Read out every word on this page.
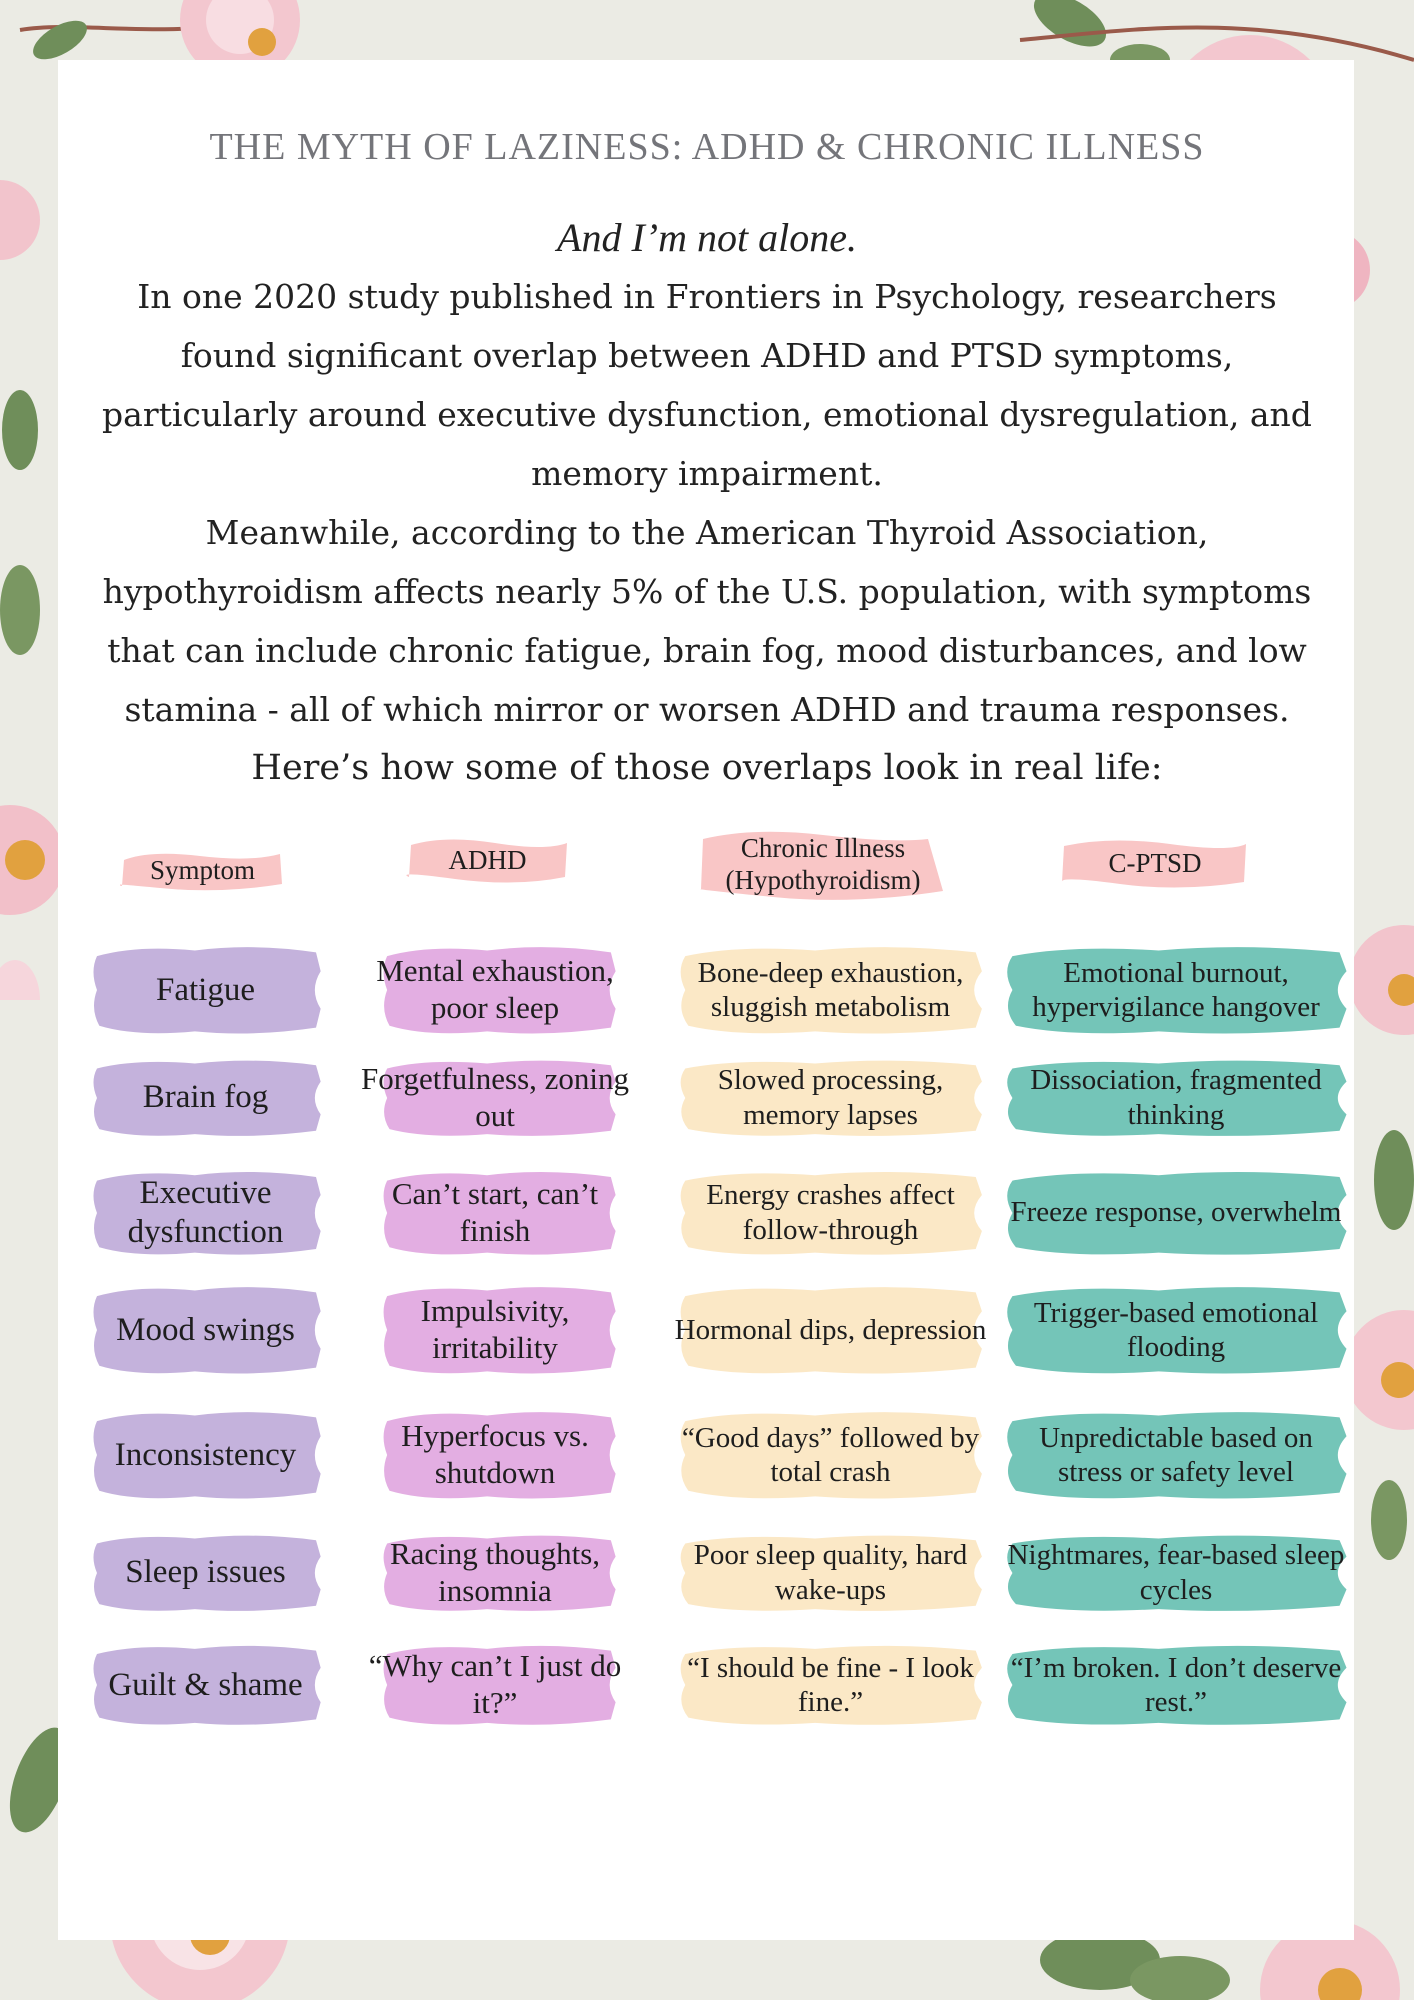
THE MYTH OF LAZINESS: ADHD & CHRONIC ILLNESS

And I’m not alone.

In one 2020 study published in Frontiers in Psychology, researchers found significant overlap between ADHD and PTSD symptoms, particularly around executive dysfunction, emotional dysregulation, and memory impairment.

Meanwhile, according to the American Thyroid Association, hypothyroidism affects nearly 5% of the U.S. population, with symptoms that can include chronic fatigue, brain fog, mood disturbances, and low stamina - all of which mirror or worsen ADHD and trauma responses.

Here’s how some of those overlaps look in real life:

Symptom	ADHD	Chronic Illness (Hypothyroidism)
C-PTSD
Fatigue
Mental exhaustion, poor sleep
Bone-deep exhaustion, sluggish metabolism
Emotional burnout, hypervigilance hangover
Brain fog
Forgetfulness, zoning out
Slowed processing, memory lapses
Dissociation, fragmented thinking
Executive dysfunction
Can’t start, can’t finish
Energy crashes affect follow-through
Freeze response, overwhelm
Mood swings
Impulsivity, irritability
Hormonal dips, depression
Trigger-based emotional flooding
Inconsistency
Hyperfocus vs. shutdown
“Good days” followed by total crash
Unpredictable based on stress or safety level
Sleep issues
Racing thoughts, insomnia
Poor sleep quality, hard wake-ups
Nightmares, fear-based sleep cycles
Guilt & shame
“Why can’t I just do it?”
“I should be fine - I look fine.”
“I’m broken. I don’t deserve rest.”
